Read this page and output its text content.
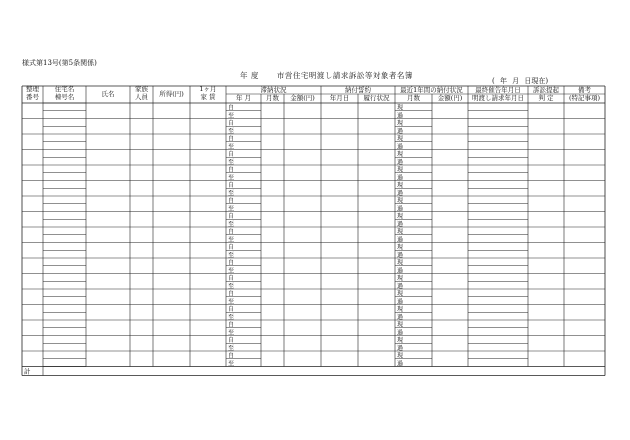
様式第13号(第5条関係)
年 度 市営住宅明渡し請求訴訟等対象者名簿
( 年 月 日現在)
整理
番号
住宅名
棟号名	氏名
家族
人員 所得(円)
1ヶ月
家 賃
滞納状況
年 月 月数 金額(円)
納付誓約
年月日 履行状況
最近1年間の納付状況
月数	金額(円)
最終催告年月日
明渡し請求年月日
訴訟提起
判 定
備考
(特記事項)
自
至
現
過
自
至
現
過
自
至
現
過
自
至
現
過
自
至
現
過
自
至
現
過
自
至
現
過
自
至
現
過
自
至
現
過
自
至
現
過
自
至
現
過
自
至
現
過
自
至
現
過
自
至
現
過
自
至
現
過
自
至
現
過
自
至
現
過
計
